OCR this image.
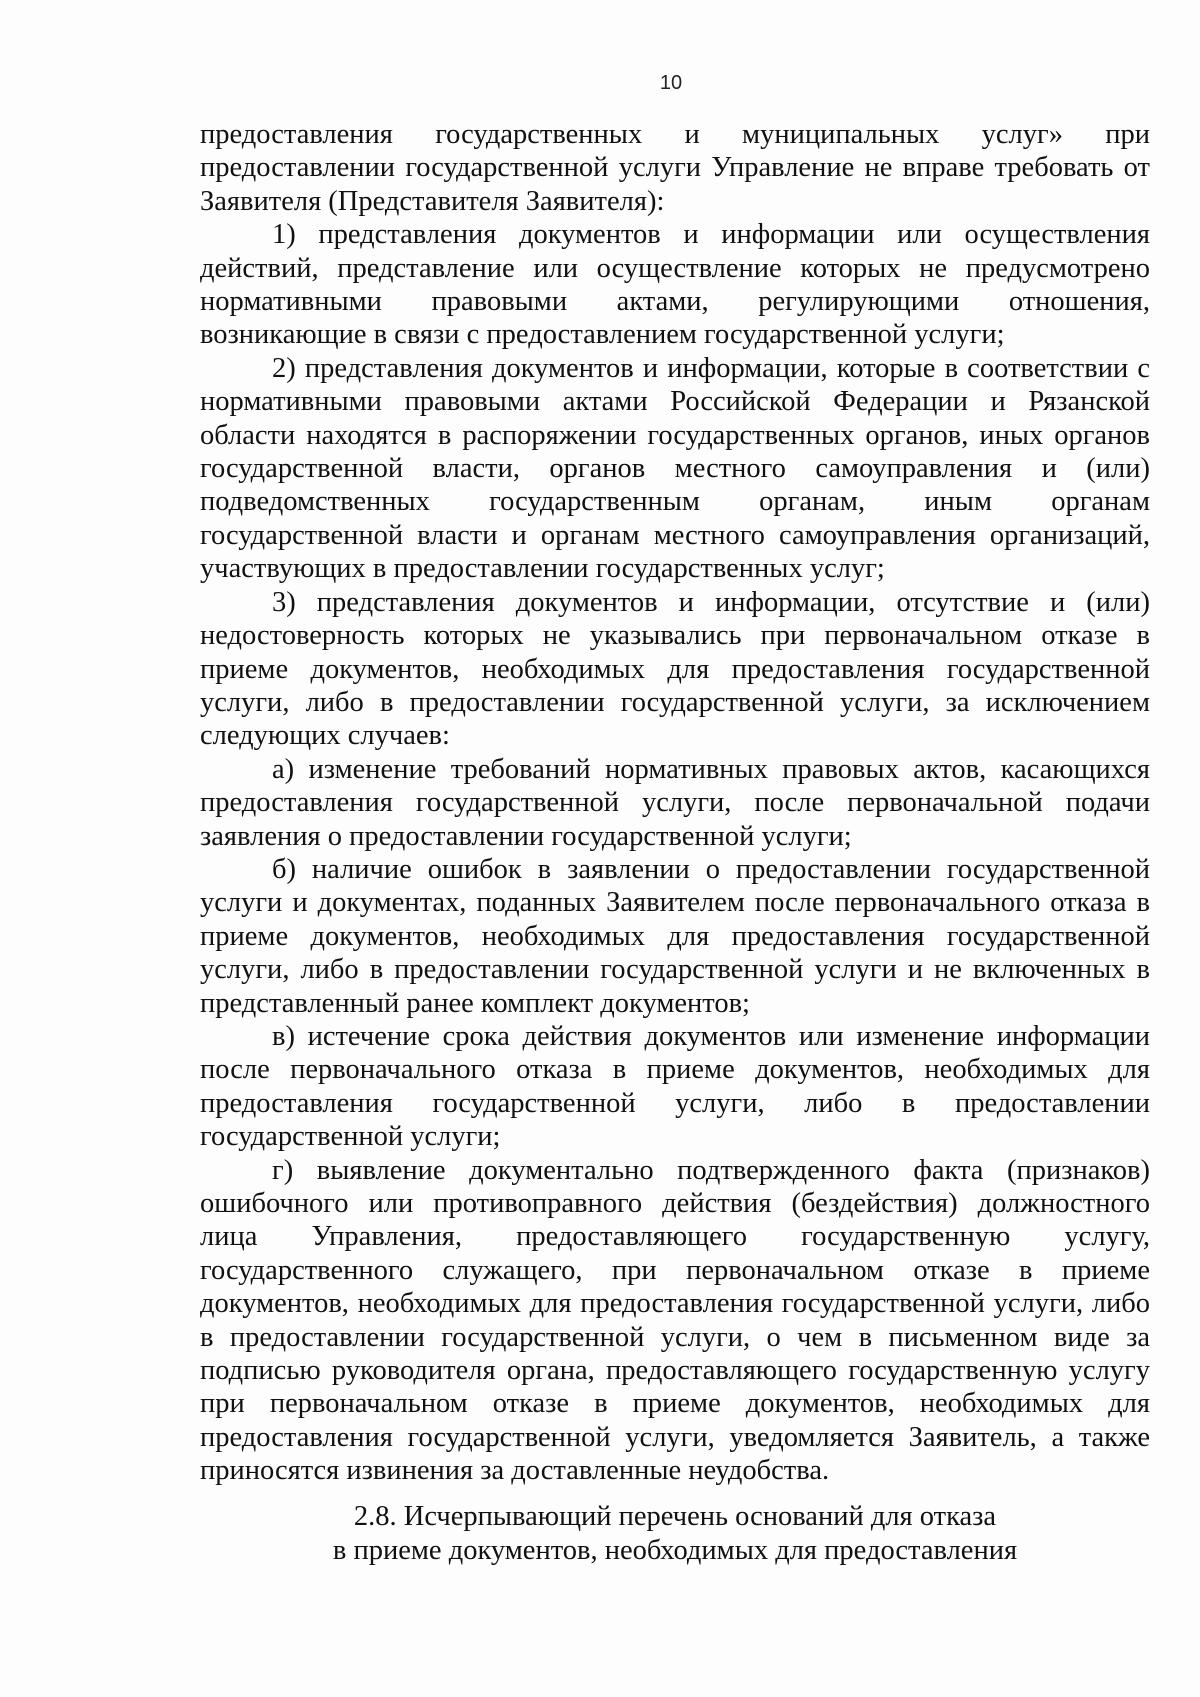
10

предоставления государственных и муниципальных услуг» при предоставлении государственной услуги Управление не вправе требовать от Заявителя (Представителя Заявителя):

1) представления документов и информации или осуществления действий, представление или осуществление которых не предусмотрено нормативными правовыми актами, регулирующими отношения, возникающие в связи с предоставлением государственной услуги;

2) представления документов и информации, которые в соответствии с нормативными правовыми актами Российской Федерации и Рязанской области находятся в распоряжении государственных органов, иных органов государственной власти, органов местного самоуправления и (или) подведомственных государственным органам, иным органам государственной власти и органам местного самоуправления организаций, участвующих в предоставлении государственных услуг;

3) представления документов и информации, отсутствие и (или) недостоверность которых не указывались при первоначальном отказе в приеме документов, необходимых для предоставления государственной услуги, либо в предоставлении государственной услуги, за исключением следующих случаев:

а) изменение требований нормативных правовых актов, касающихся предоставления государственной услуги, после первоначальной подачи заявления о предоставлении государственной услуги;

б) наличие ошибок в заявлении о предоставлении государственной услуги и документах, поданных Заявителем после первоначального отказа в приеме документов, необходимых для предоставления государственной услуги, либо в предоставлении государственной услуги и не включенных в представленный ранее комплект документов;

в) истечение срока действия документов или изменение информации после первоначального отказа в приеме документов, необходимых для предоставления государственной услуги, либо в предоставлении государственной услуги;

г) выявление документально подтвержденного факта (признаков) ошибочного или противоправного действия (бездействия) должностного лица Управления, предоставляющего государственную услугу, государственного служащего, при первоначальном отказе в приеме документов, необходимых для предоставления государственной услуги, либо в предоставлении государственной услуги, о чем в письменном виде за подписью руководителя органа, предоставляющего государственную услугу при первоначальном отказе в приеме документов, необходимых для предоставления государственной услуги, уведомляется Заявитель, а также приносятся извинения за доставленные неудобства.

2.8. Исчерпывающий перечень оснований для отказа
в приеме документов, необходимых для предоставления
